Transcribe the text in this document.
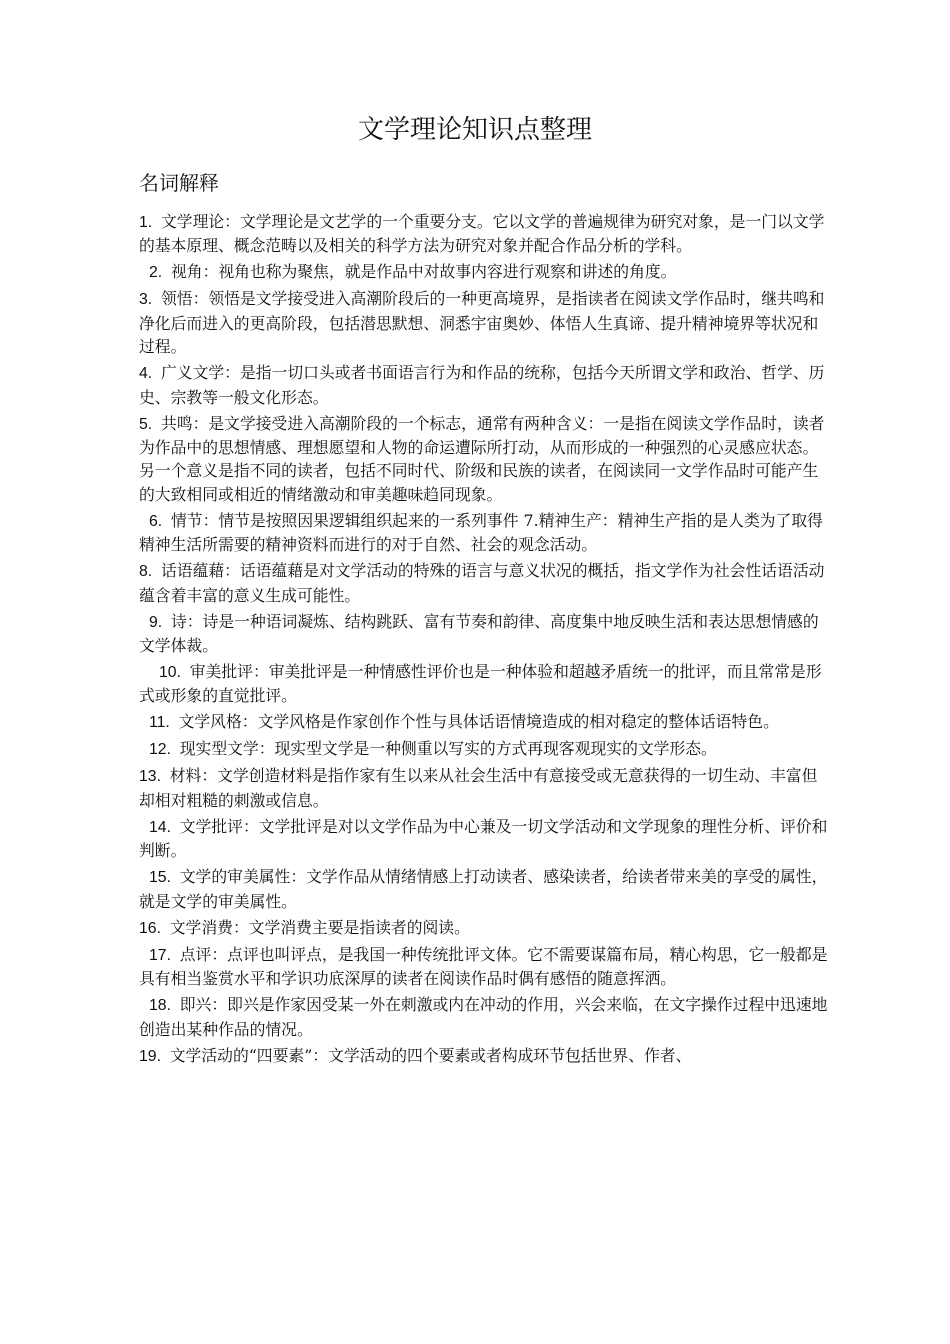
文学理论知识点整理
名词解释

1. 文学理论：文学理论是文艺学的一个重要分支。它以文学的普遍规律为研究对象，是一门以文学的基本原理、概念范畴以及相关的科学方法为研究对象并配合作品分析的学科。

2. 视角：视角也称为聚焦，就是作品中对故事内容进行观察和讲述的角度。

3. 领悟：领悟是文学接受进入高潮阶段后的一种更高境界，是指读者在阅读文学作品时，继共鸣和净化后而进入的更高阶段，包括潜思默想、洞悉宇宙奥妙、体悟人生真谛、提升精神境界等状况和过程。

4. 广义文学：是指一切口头或者书面语言行为和作品的统称，包括今天所谓文学和政治、哲学、历史、宗教等一般文化形态。

5. 共鸣：是文学接受进入高潮阶段的一个标志，通常有两种含义：一是指在阅读文学作品时，读者为作品中的思想情感、理想愿望和人物的命运遭际所打动，从而形成的一种强烈的心灵感应状态。另一个意义是指不同的读者，包括不同时代、阶级和民族的读者，在阅读同一文学作品时可能产生的大致相同或相近的情绪激动和审美趣味趋同现象。

6. 情节：情节是按照因果逻辑组织起来的一系列事件 7.精神生产：精神生产指的是人类为了取得精神生活所需要的精神资料而进行的对于自然、社会的观念活动。

8. 话语蕴藉：话语蕴藉是对文学活动的特殊的语言与意义状况的概括，指文学作为社会性话语活动蕴含着丰富的意义生成可能性。

9. 诗：诗是一种语词凝炼、结构跳跃、富有节奏和韵律、高度集中地反映生活和表达思想情感的文学体裁。

10. 审美批评：审美批评是一种情感性评价也是一种体验和超越矛盾统一的批评，而且常常是形式或形象的直觉批评。

11. 文学风格：文学风格是作家创作个性与具体话语情境造成的相对稳定的整体话语特色。

12. 现实型文学：现实型文学是一种侧重以写实的方式再现客观现实的文学形态。

13. 材料：文学创造材料是指作家有生以来从社会生活中有意接受或无意获得的一切生动、丰富但却相对粗糙的刺激或信息。

14. 文学批评：文学批评是对以文学作品为中心兼及一切文学活动和文学现象的理性分析、评价和判断。

15. 文学的审美属性：文学作品从情绪情感上打动读者、感染读者，给读者带来美的享受的属性，就是文学的审美属性。

16. 文学消费：文学消费主要是指读者的阅读。

17. 点评：点评也叫评点，是我国一种传统批评文体。它不需要谋篇布局，精心构思，它一般都是具有相当鉴赏水平和学识功底深厚的读者在阅读作品时偶有感悟的随意挥洒。

18. 即兴：即兴是作家因受某一外在刺激或内在冲动的作用，兴会来临，在文字操作过程中迅速地创造出某种作品的情况。

19. 文学活动的“四要素”：文学活动的四个要素或者构成环节包括世界、作者、
